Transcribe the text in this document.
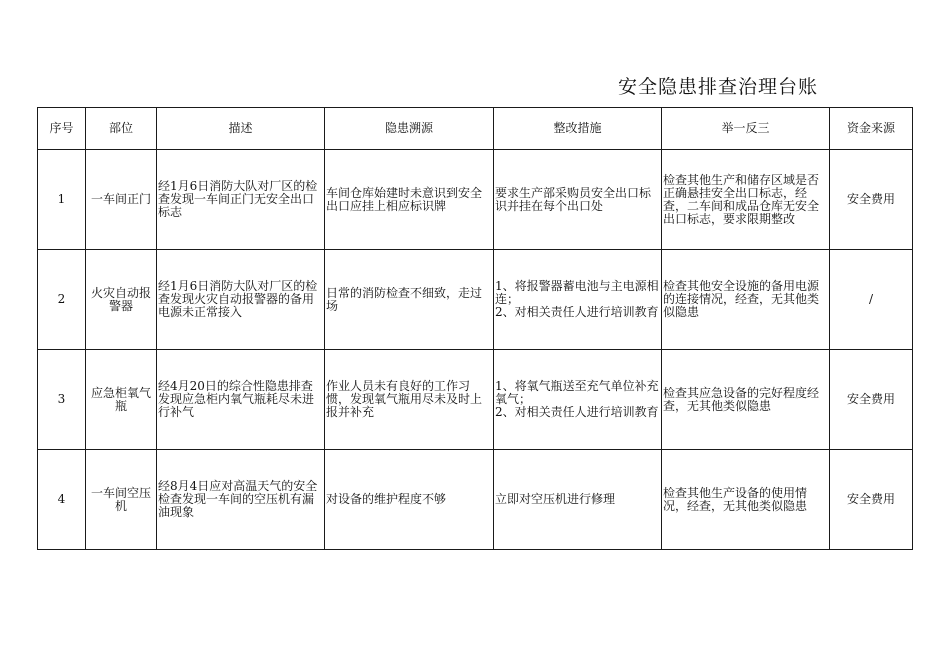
安全隐患排查治理台账
序号	部位	描述	隐患溯源	整改措施	举一反三	资金来源
1	一车间正门	经1月6日消防大队对厂区的检查发现一车间正门无安全出口标志	车间仓库始建时未意识到安全出口应挂上相应标识牌	要求生产部采购员安全出口标识并挂在每个出口处	检查其他生产和储存区域是否正确悬挂安全出口标志，经查，二车间和成品仓库无安全出口标志，要求限期整改	安全费用
2	火灾自动报警器	经1月6日消防大队对厂区的检查发现火灾自动报警器的备用电源未正常接入	日常的消防检查不细致，走过场	1、将报警器蓄电池与主电源相连；
2、对相关责任人进行培训教育	检查其他安全设施的备用电源的连接情况，经查，无其他类似隐患	/
3	应急柜氧气瓶	经4月20日的综合性隐患排查发现应急柜内氧气瓶耗尽未进行补气	作业人员未有良好的工作习惯，发现氧气瓶用尽未及时上报并补充	1、将氧气瓶送至充气单位补充氧气；
2、对相关责任人进行培训教育	检查其应急设备的完好程度经查，无其他类似隐患	安全费用
4	一车间空压机	经8月4日应对高温天气的安全检查发现一车间的空压机有漏油现象	对设备的维护程度不够	立即对空压机进行修理	检查其他生产设备的使用情况，经查，无其他类似隐患	安全费用
